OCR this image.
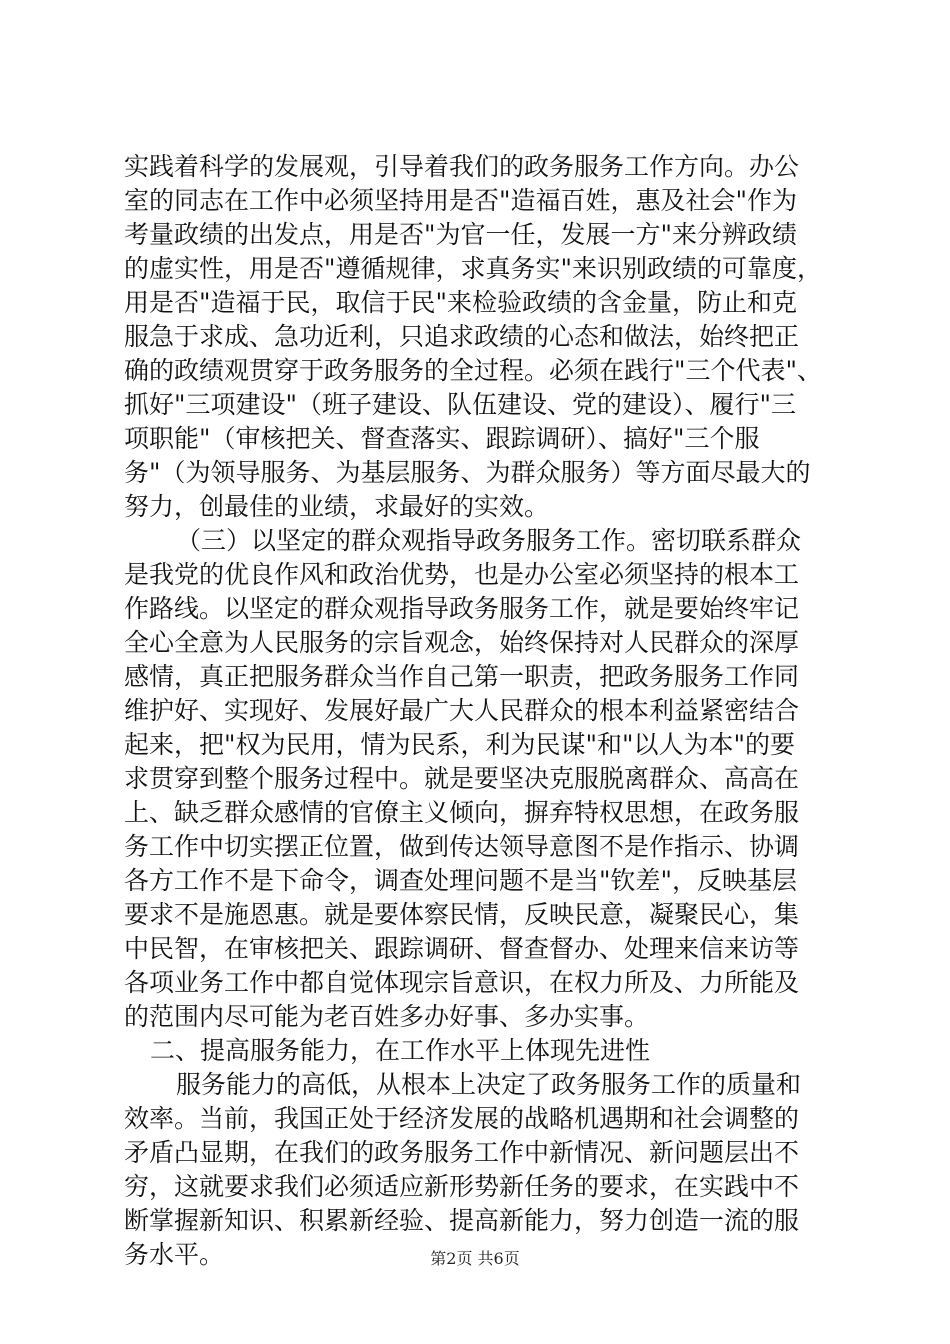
实践着科学的发展观，引导着我们的政务服务工作方向。办公
室的同志在工作中必须坚持用是否"造福百姓，惠及社会"作为
考量政绩的出发点，用是否"为官一任，发展一方"来分辨政绩
的虚实性，用是否"遵循规律，求真务实"来识别政绩的可靠度，
用是否"造福于民，取信于民"来检验政绩的含金量，防止和克
服急于求成、急功近利，只追求政绩的心态和做法，始终把正
确的政绩观贯穿于政务服务的全过程。必须在践行"三个代表"、
抓好"三项建设"（班子建设、队伍建设、党的建设）、履行"三
项职能"（审核把关、督查落实、跟踪调研）、搞好"三个服
务"（为领导服务、为基层服务、为群众服务）等方面尽最大的
努力，创最佳的业绩，求最好的实效。
（三）以坚定的群众观指导政务服务工作。密切联系群众
是我党的优良作风和政治优势，也是办公室必须坚持的根本工
作路线。以坚定的群众观指导政务服务工作，就是要始终牢记
全心全意为人民服务的宗旨观念，始终保持对人民群众的深厚
感情，真正把服务群众当作自己第一职责，把政务服务工作同
维护好、实现好、发展好最广大人民群众的根本利益紧密结合
起来，把"权为民用，情为民系，利为民谋"和"以人为本"的要
求贯穿到整个服务过程中。就是要坚决克服脱离群众、高高在
上、缺乏群众感情的官僚主义倾向，摒弃特权思想，在政务服
务工作中切实摆正位置，做到传达领导意图不是作指示、协调
各方工作不是下命令，调查处理问题不是当"钦差"，反映基层
要求不是施恩惠。就是要体察民情，反映民意，凝聚民心，集
中民智，在审核把关、跟踪调研、督查督办、处理来信来访等
各项业务工作中都自觉体现宗旨意识，在权力所及、力所能及
的范围内尽可能为老百姓多办好事、多办实事。
二、提高服务能力，在工作水平上体现先进性
服务能力的高低，从根本上决定了政务服务工作的质量和
效率。当前，我国正处于经济发展的战略机遇期和社会调整的
矛盾凸显期，在我们的政务服务工作中新情况、新问题层出不
穷，这就要求我们必须适应新形势新任务的要求，在实践中不
断掌握新知识、积累新经验、提高新能力，努力创造一流的服
务水平。	第2页 共6页
